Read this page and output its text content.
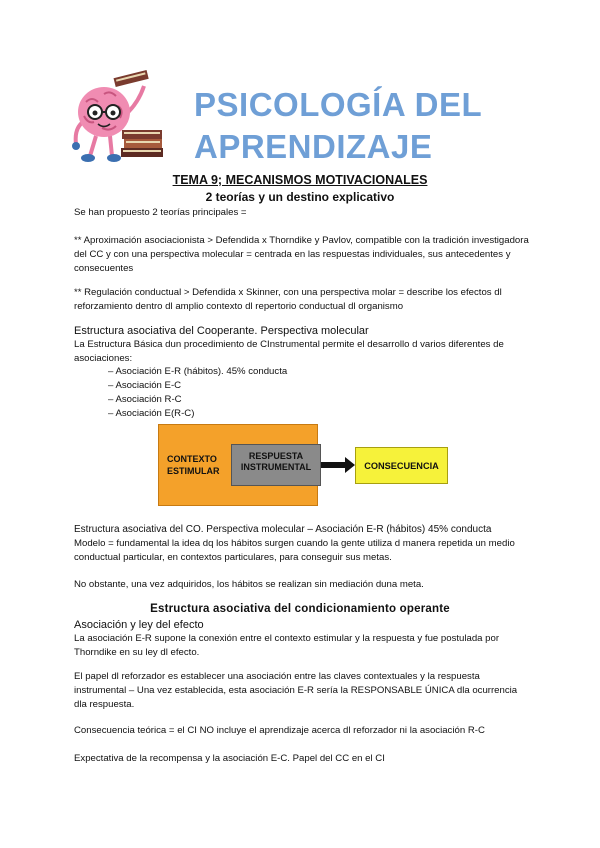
PSICOLOGÍA DEL
APRENDIZAJE
TEMA 9; MECANISMOS MOTIVACIONALES
2 teorías y un destino explicativo
Se han propuesto 2 teorías principales =
** Aproximación asociacionista > Defendida x Thorndike y Pavlov, compatible con la tradición investigadora del CC y con una perspectiva molecular = centrada en las respuestas individuales, sus antecedentes y consecuentes
** Regulación conductual > Defendida x Skinner, con una perspectiva molar = describe los efectos dl reforzamiento dentro dl amplio contexto dl repertorio conductual dl organismo
Estructura asociativa del Cooperante. Perspectiva molecular
La Estructura Básica dun procedimiento de CInstrumental permite el desarrollo d varios diferentes de asociaciones:
– Asociación E-R (hábitos). 45% conducta
– Asociación E-C
– Asociación R-C
– Asociación E(R-C)
CONTEXTO ESTIMULAR
RESPUESTA INSTRUMENTAL	CONSECUENCIA
Estructura asociativa del CO. Perspectiva molecular – Asociación E-R (hábitos) 45% conducta
Modelo = fundamental la idea dq los hábitos surgen cuando la gente utiliza d manera repetida un medio conductual particular, en contextos particulares, para conseguir sus metas.
No obstante, una vez adquiridos, los hábitos se realizan sin mediación duna meta.
Estructura asociativa del condicionamiento operante
Asociación y ley del efecto
La asociación E-R supone la conexión entre el contexto estimular y la respuesta y fue postulada por Thorndike en su ley dl efecto.
El papel dl reforzador es establecer una asociación entre las claves contextuales y la respuesta instrumental – Una vez establecida, esta asociación E-R sería la RESPONSABLE ÚNICA dla ocurrencia dla respuesta.
Consecuencia teórica = el CI NO incluye el aprendizaje acerca dl reforzador ni la asociación R-C
Expectativa de la recompensa y la asociación E-C. Papel del CC en el CI
